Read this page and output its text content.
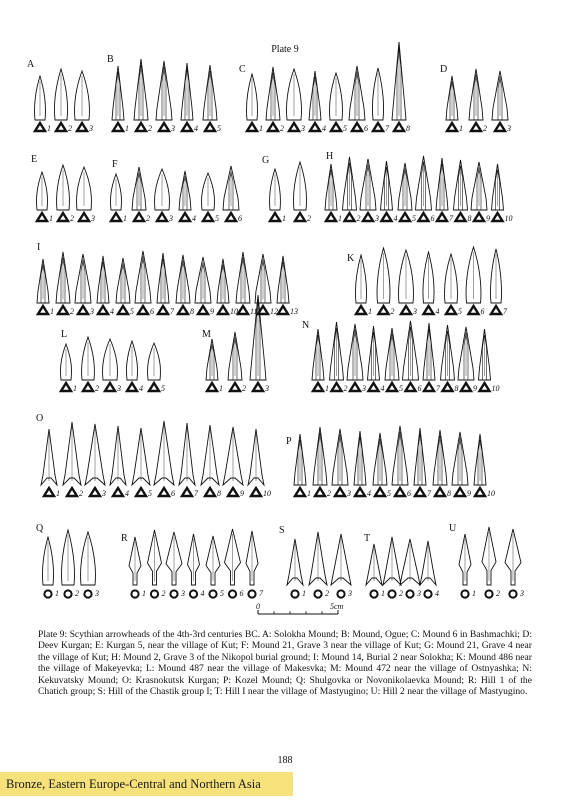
Plate 9
A
1 2 3
B
1 2 3 4 5
C
1 2 3 4 5 6 7 8
D
1	2	3
E
1 2 3
F
1 2 3 4 5 6
G
1	2
H
1 2 3 4 5 6 7 8 9 10
I
1 2 3 4 5 6 7 8 9 10 11 12 13
K
1 2 3 4 5 6 7
L
1 2 3 4 5
M
1 2 3
N
1 2 3 4 5 6 7 8 9 10
O
1 2 3 4 5 6 7 8 9 10
P
1 2 3 4 5 6 7 8 9 10
Q
1 2 3
R
1 2 3 4 5 6 7
S
1 2 3
T
1 2 3 4
U
1	2	3
0	5cm
Plate 9: Scythian arrowheads of the 4th-3rd centuries BC. A: Solokha Mound; B: Mound, Ogue; C: Mound 6 in Bashmachki; D: Deev Kurgan; E: Kurgan 5, near the village of Kut; F: Mound 21, Grave 3 near the village of Kut; G: Mound 21, Grave 4 near the village of Kut; H: Mound 2, Grave 3 of the Nikopol burial ground; I: Mound 14, Burial 2 near Solokha; K: Mound 486 near the village of Makeyevka; L: Mound 487 near the village of Makesvka; M: Mound 472 near the village of Ostnyashka; N: Kekuvatsky Mound; O: Krasnokutsk Kurgan; P: Kozel Mound; Q: Shulgovka or Novonikolaevka Mound; R: Hill 1 of the Chatich group; S: Hill of the Chastik group I; T: Hill I near the village of Mastyugino; U: Hill 2 near the village of Mastyugino.
188
Bronze, Eastern Europe-Central and Northern Asia
